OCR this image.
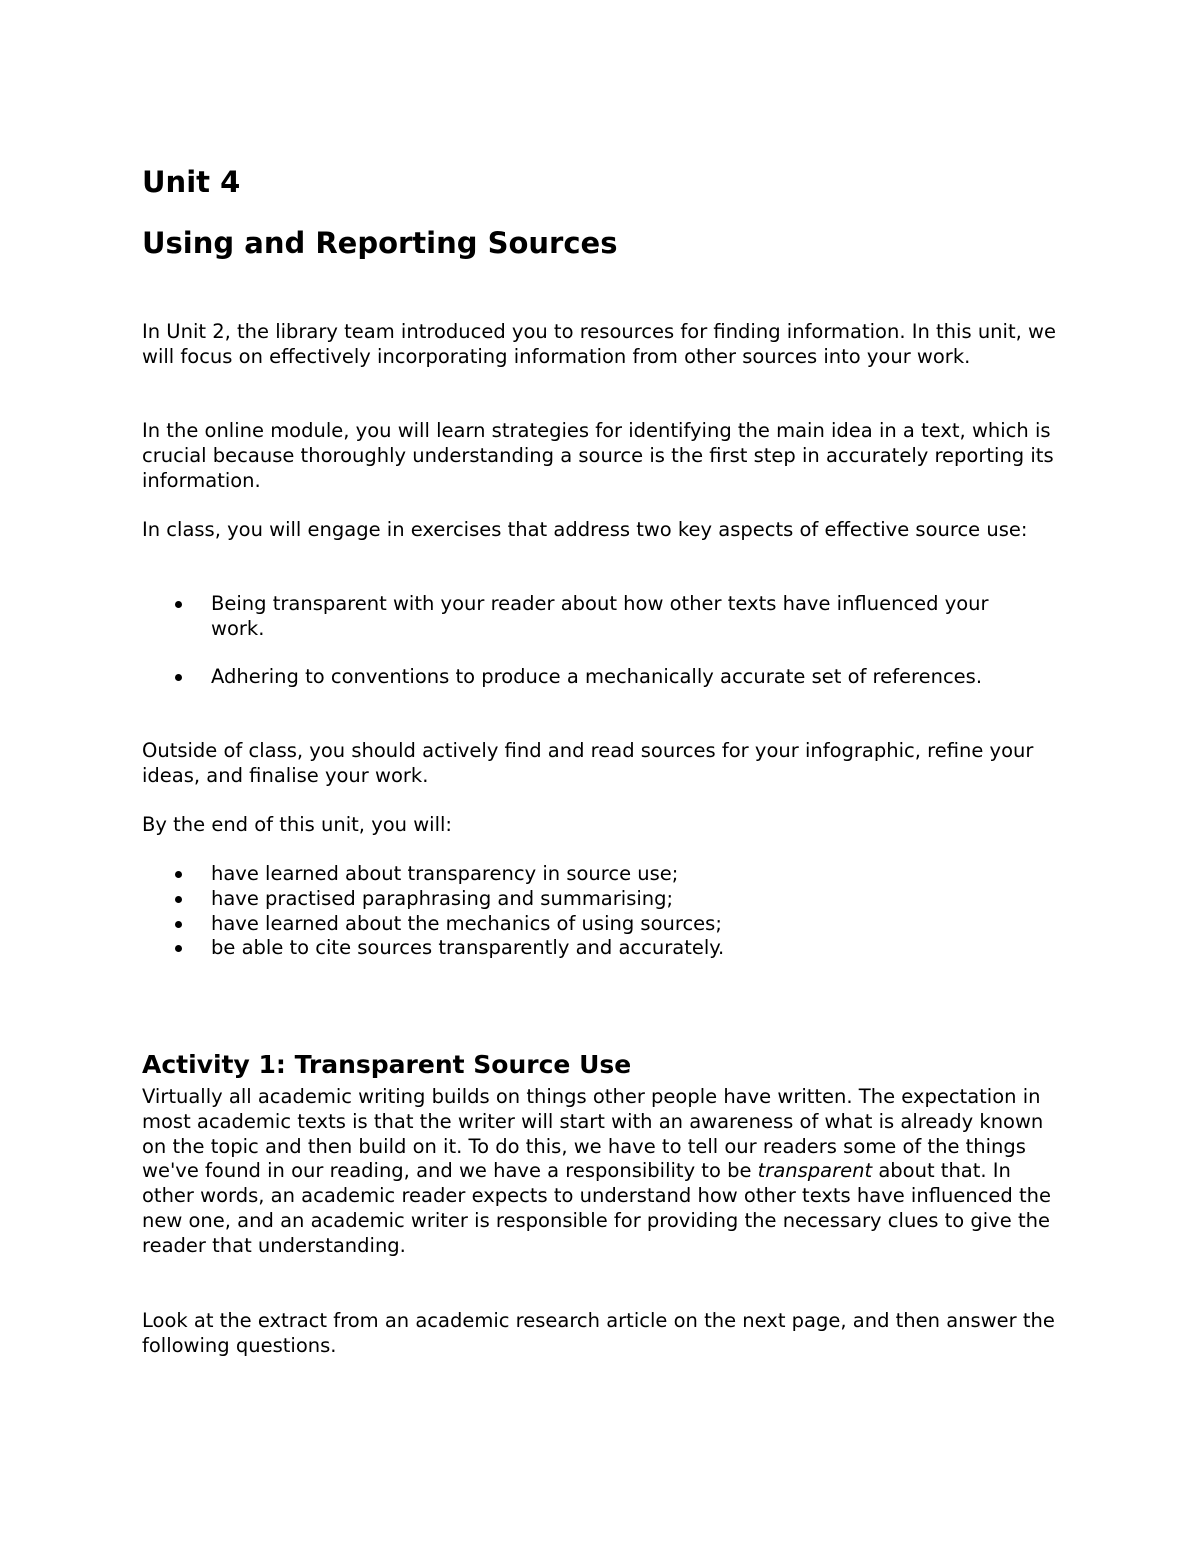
Unit 4
Using and Reporting Sources

In Unit 2, the library team introduced you to resources for finding information. In this unit, we will focus on effectively incorporating information from other sources into your work.

In the online module, you will learn strategies for identifying the main idea in a text, which is crucial because thoroughly understanding a source is the first step in accurately reporting its information.

In class, you will engage in exercises that address two key aspects of effective source use:

Being transparent with your reader about how other texts have influenced your work.
Adhering to conventions to produce a mechanically accurate set of references.

Outside of class, you should actively find and read sources for your infographic, refine your ideas, and finalise your work.

By the end of this unit, you will:

have learned about transparency in source use;
have practised paraphrasing and summarising;
have learned about the mechanics of using sources;
be able to cite sources transparently and accurately.
Activity 1: Transparent Source Use

Virtually all academic writing builds on things other people have written. The expectation in most academic texts is that the writer will start with an awareness of what is already known on the topic and then build on it. To do this, we have to tell our readers some of the things we've found in our reading, and we have a responsibility to be transparent about that. In other words, an academic reader expects to understand how other texts have influenced the new one, and an academic writer is responsible for providing the necessary clues to give the reader that understanding.

Look at the extract from an academic research article on the next page, and then answer the following questions.
